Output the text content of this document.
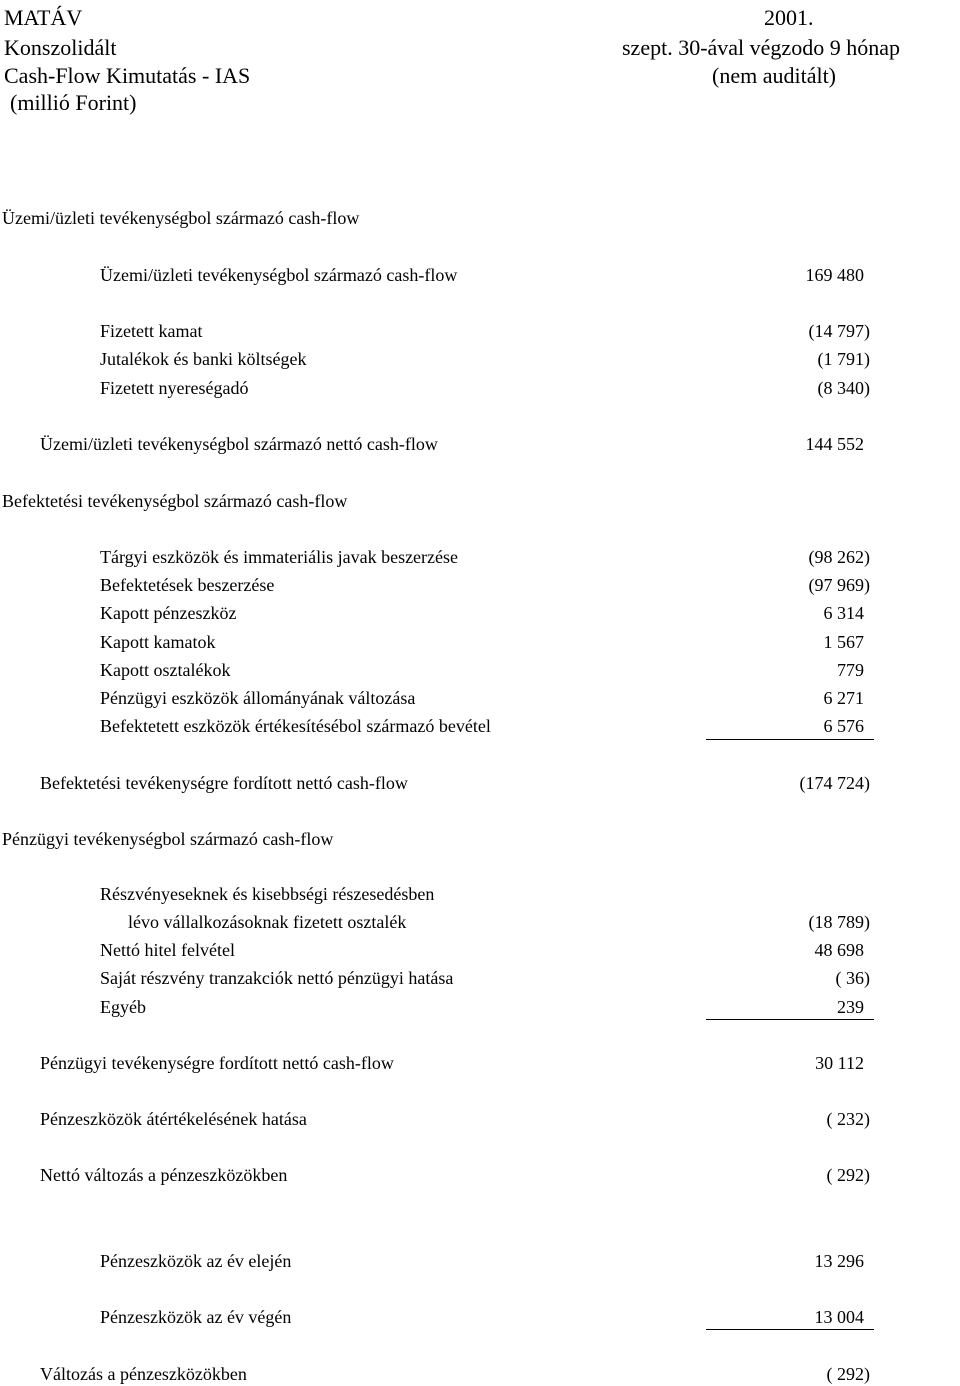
MATÁV	2001.
Konszolidált	szept. 30-ával végzodo 9 hónap
Cash-Flow Kimutatás - IAS	(nem auditált)
(millió Forint)
Üzemi/üzleti tevékenységbol származó cash-flow
Üzemi/üzleti tevékenységbol származó cash-flow	169 480
Fizetett kamat	(14 797)
Jutalékok és banki költségek	(1 791)
Fizetett nyereségadó	(8 340)
Üzemi/üzleti tevékenységbol származó nettó cash-flow	144 552
Befektetési tevékenységbol származó cash-flow
Tárgyi eszközök és immateriális javak beszerzése	(98 262)
Befektetések beszerzése	(97 969)
Kapott pénzeszköz	6 314
Kapott kamatok	1 567
Kapott osztalékok	779
Pénzügyi eszközök állományának változása	6 271
Befektetett eszközök értékesítésébol származó bevétel	6 576
Befektetési tevékenységre fordított nettó cash-flow	(174 724)
Pénzügyi tevékenységbol származó cash-flow
Részvényeseknek és kisebbségi részesedésben
lévo vállalkozásoknak fizetett osztalék	(18 789)
Nettó hitel felvétel	48 698
Saját részvény tranzakciók nettó pénzügyi hatása	( 36)
Egyéb	239
Pénzügyi tevékenységre fordított nettó cash-flow	30 112
Pénzeszközök átértékelésének hatása	( 232)
Nettó változás a pénzeszközökben	( 292)
Pénzeszközök az év elején	13 296
Pénzeszközök az év végén	13 004
Változás a pénzeszközökben	( 292)
